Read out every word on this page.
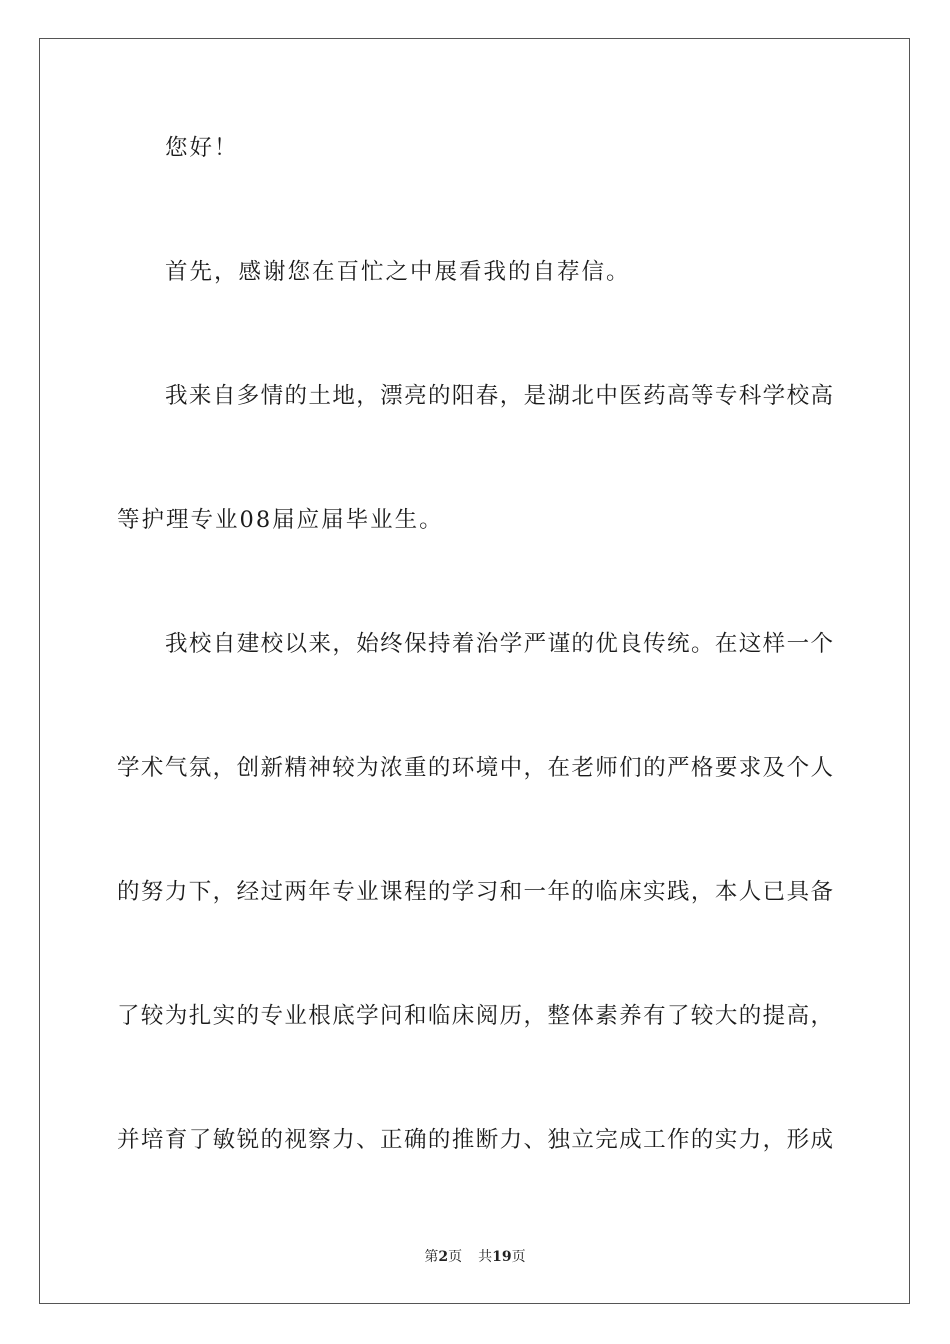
您好！
首先，感谢您在百忙之中展看我的自荐信。
我来自多情的土地，漂亮的阳春，是湖北中医药高等专科学校高
等护理专业08届应届毕业生。
我校自建校以来，始终保持着治学严谨的优良传统。在这样一个
学术气氛，创新精神较为浓重的环境中，在老师们的严格要求及个人
的努力下，经过两年专业课程的学习和一年的临床实践，本人已具备
了较为扎实的专业根底学问和临床阅历，整体素养有了较大的提高，
并培育了敏锐的视察力、正确的推断力、独立完成工作的实力，形成
第2页 共19页
